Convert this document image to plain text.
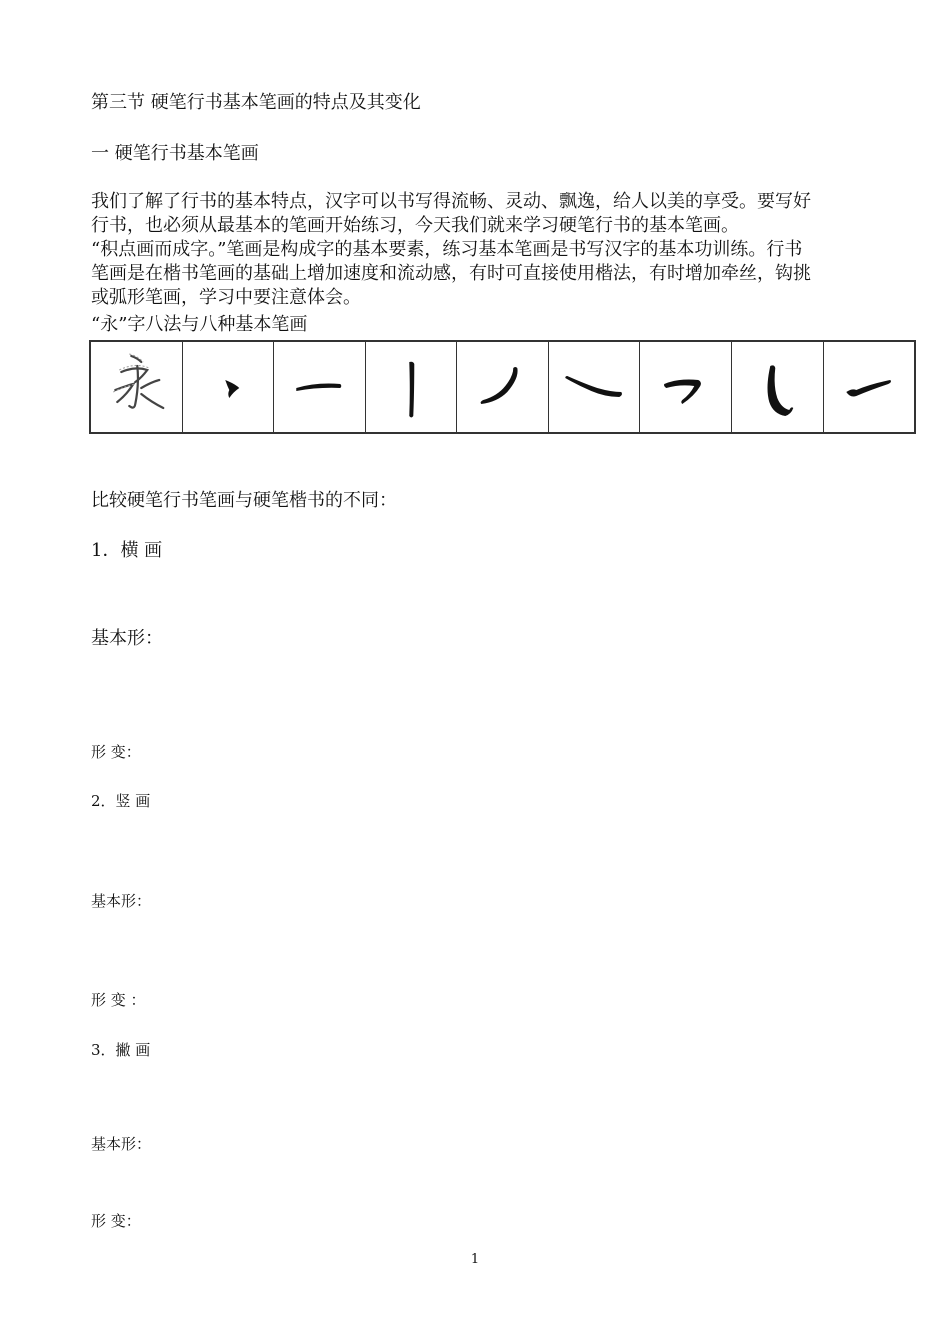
第三节 硬笔行书基本笔画的特点及其变化
一 硬笔行书基本笔画
我们了解了行书的基本特点，汉字可以书写得流畅、灵动、飘逸，给人以美的享受。要写好
行书，也必须从最基本的笔画开始练习，今天我们就来学习硬笔行书的基本笔画。
“积点画而成字。”笔画是构成字的基本要素，练习基本笔画是书写汉字的基本功训练。行书
笔画是在楷书笔画的基础上增加速度和流动感，有时可直接使用楷法，有时增加牵丝，钩挑
或弧形笔画，学习中要注意体会。
“永”字八法与八种基本笔画
比较硬笔行书笔画与硬笔楷书的不同：
1．横 画
基本形：
形 变：
2．竖 画
基本形：
形 变 ：
3．撇 画
基本形：
形 变：
1
